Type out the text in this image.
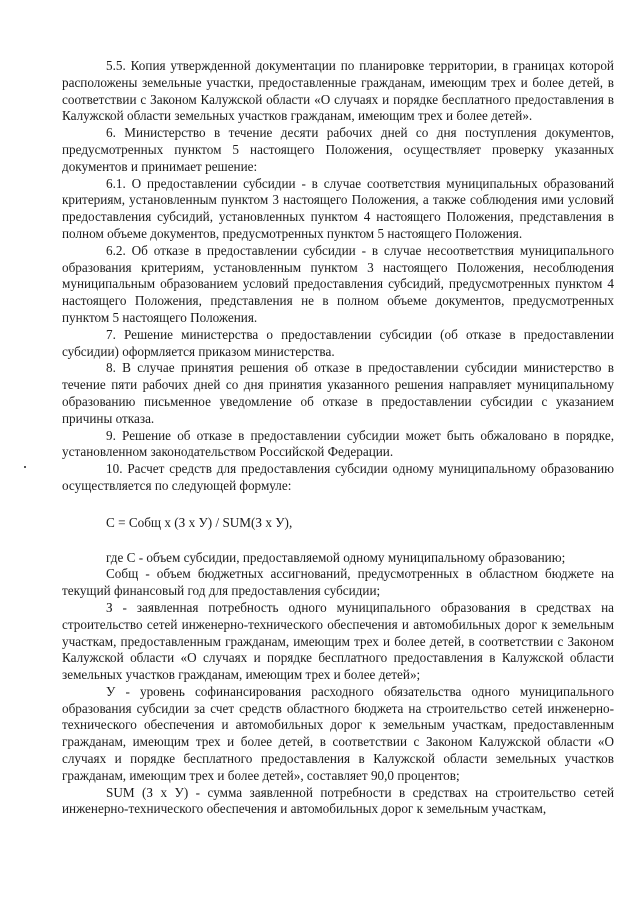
5.5. Копия утвержденной документации по планировке территории, в границах которой расположены земельные участки, предоставленные гражданам, имеющим трех и более детей, в соответствии с Законом Калужской области «О случаях и порядке бесплатного предоставления в Калужской области земельных участков гражданам, имеющим трех и более детей».

6. Министерство в течение десяти рабочих дней со дня поступления документов, предусмотренных пунктом 5 настоящего Положения, осуществляет проверку указанных документов и принимает решение:

6.1. О предоставлении субсидии - в случае соответствия муниципальных образований критериям, установленным пунктом 3 настоящего Положения, а также соблюдения ими условий предоставления субсидий, установленных пунктом 4 настоящего Положения, представления в полном объеме документов, предусмотренных пунктом 5 настоящего Положения.

6.2. Об отказе в предоставлении субсидии - в случае несоответствия муниципального образования критериям, установленным пунктом 3 настоящего Положения, несоблюдения муниципальным образованием условий предоставления субсидий, предусмотренных пунктом 4 настоящего Положения, представления не в полном объеме документов, предусмотренных пунктом 5 настоящего Положения.

7. Решение министерства о предоставлении субсидии (об отказе в предоставлении субсидии) оформляется приказом министерства.

8. В случае принятия решения об отказе в предоставлении субсидии министерство в течение пяти рабочих дней со дня принятия указанного решения направляет муниципальному образованию письменное уведомление об отказе в предоставлении субсидии с указанием причины отказа.

9. Решение об отказе в предоставлении субсидии может быть обжаловано в порядке, установленном законодательством Российской Федерации.

10. Расчет средств для предоставления субсидии одному муниципальному образованию осуществляется по следующей формуле:

С = Собщ х (З х У) / SUM(З х У),

где С - объем субсидии, предоставляемой одному муниципальному образованию;

Собщ - объем бюджетных ассигнований, предусмотренных в областном бюджете на текущий финансовый год для предоставления субсидии;

З - заявленная потребность одного муниципального образования в средствах на строительство сетей инженерно-технического обеспечения и автомобильных дорог к земельным участкам, предоставленным гражданам, имеющим трех и более детей, в соответствии с Законом Калужской области «О случаях и порядке бесплатного предоставления в Калужской области земельных участков гражданам, имеющим трех и более детей»;

У - уровень софинансирования расходного обязательства одного муниципального образования субсидии за счет средств областного бюджета на строительство сетей инженерно-технического обеспечения и автомобильных дорог к земельным участкам, предоставленным гражданам, имеющим трех и более детей, в соответствии с Законом Калужской области «О случаях и порядке бесплатного предоставления в Калужской области земельных участков гражданам, имеющим трех и более детей», составляет 90,0 процентов;

SUM (З х У) - сумма заявленной потребности в средствах на строительство сетей инженерно-технического обеспечения и автомобильных дорог к земельным участкам,
